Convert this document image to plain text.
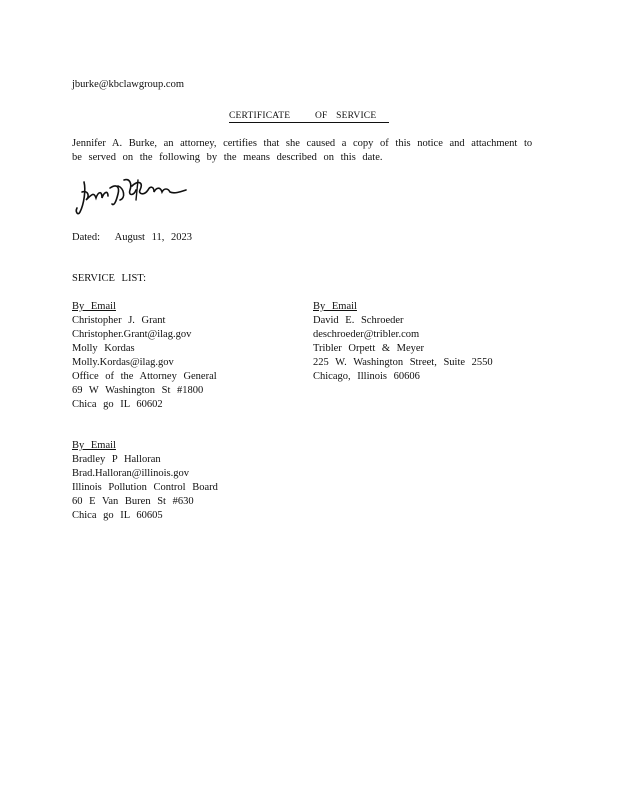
jburke@kbclawgroup.com
CERTIFICATE	OF SERVICE
Jennifer A. Burke, an attorney, certifies that she caused a copy of this notice and attachment to
be served on the following by the means described on this date.
Dated: August 11, 2023
SERVICE LIST:
By Email
Christopher J. Grant
Christopher.Grant@ilag.gov
Molly Kordas
Molly.Kordas@ilag.gov
Office of the Attorney General
69 W Washington St #1800
Chica go IL 60602
By Email
David E. Schroeder
deschroeder@tribler.com
Tribler Orpett & Meyer
225 W. Washington Street, Suite 2550
Chicago, Illinois 60606
By Email
Bradley P Halloran
Brad.Halloran@illinois.gov
Illinois Pollution Control Board
60 E Van Buren St #630
Chica go IL 60605
